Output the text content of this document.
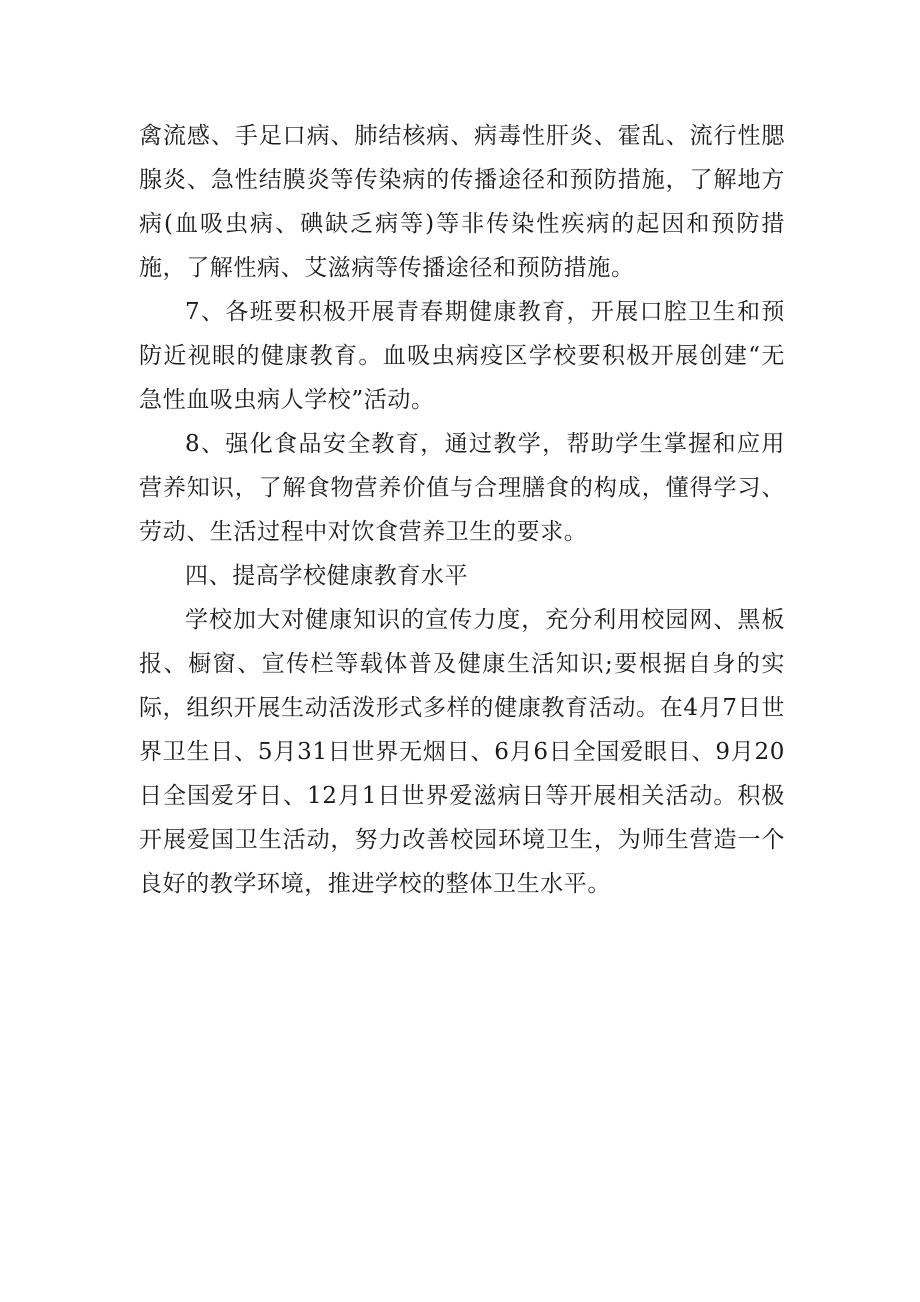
禽流感、手足口病、肺结核病、病毒性肝炎、霍乱、流行性腮腺炎、急性结膜炎等传染病的传播途径和预防措施，了解地方病(血吸虫病、碘缺乏病等)等非传染性疾病的起因和预防措施，了解性病、艾滋病等传播途径和预防措施。

7、各班要积极开展青春期健康教育，开展口腔卫生和预防近视眼的健康教育。血吸虫病疫区学校要积极开展创建“无急性血吸虫病人学校”活动。

8、强化食品安全教育，通过教学，帮助学生掌握和应用营养知识，了解食物营养价值与合理膳食的构成，懂得学习、劳动、生活过程中对饮食营养卫生的要求。

四、提高学校健康教育水平

学校加大对健康知识的宣传力度，充分利用校园网、黑板报、橱窗、宣传栏等载体普及健康生活知识;要根据自身的实际，组织开展生动活泼形式多样的健康教育活动。在4月7日世界卫生日、5月31日世界无烟日、6月6日全国爱眼日、9月20日全国爱牙日、12月1日世界爱滋病日等开展相关活动。积极开展爱国卫生活动，努力改善校园环境卫生，为师生营造一个良好的教学环境，推进学校的整体卫生水平。
